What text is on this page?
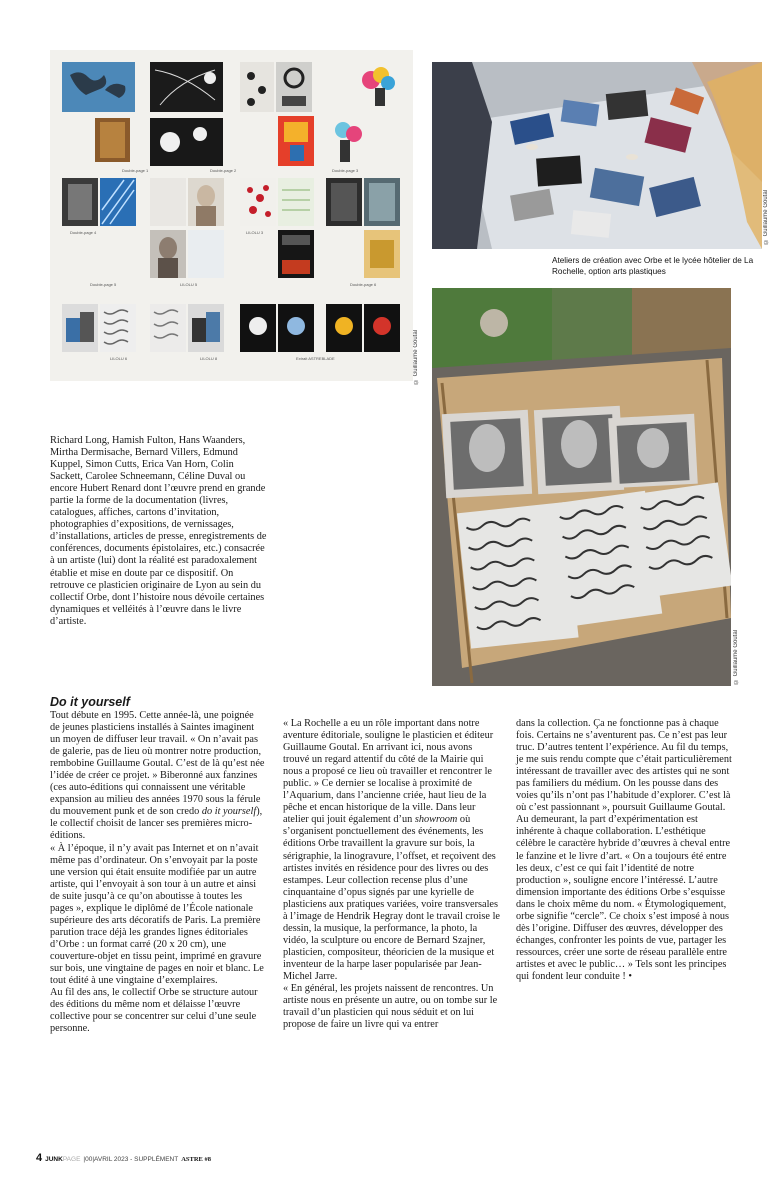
Double-page 1	Double-page 2	Double-page 3
Double-page 4	LILOLU 3
Double-page 5	Double-page 6
LILOLU 5
LILOLU 6	LILOLU 8	Extrait ASTREBLADE	© Guillaume Goutal
© Guillaume Goutal
Ateliers de création avec Orbe et le lycée hôtelier de La Rochelle, option arts plastiques
© Guillaume Goutal

Richard Long, Hamish Fulton, Hans Waanders, Mirtha Dermisache, Bernard Villers, Edmund Kuppel, Simon Cutts, Erica Van Horn, Colin Sackett, Carolee Schneemann, Céline Duval ou encore Hubert Renard dont l’œuvre prend en grande partie la forme de la documentation (livres, catalogues, affiches, cartons d’invitation, photographies d’expositions, de vernissages, d’installations, articles de presse, enregistrements de conférences, documents épistolaires, etc.) consacrée à un artiste (lui) dont la réalité est paradoxalement établie et mise en doute par ce dispositif. On retrouve ce plasticien originaire de Lyon au sein du collectif Orbe, dont l’histoire nous dévoile certaines dynamiques et velléités à l’œuvre dans le livre d’artiste.

Do it yourself

Tout débute en 1995. Cette année-là, une poignée de jeunes plasticiens installés à Saintes imaginent un moyen de diffuser leur travail. « On n’avait pas de galerie, pas de lieu où montrer notre production, rembobine Guillaume Goutal. C’est de là qu’est née l’idée de créer ce projet. » Biberonné aux fanzines (ces auto-éditions qui connaissent une véritable expansion au milieu des années 1970 sous la férule du mouvement punk et de son credo do it yourself), le collectif choisit de lancer ses premières micro-éditions.

« À l’époque, il n’y avait pas Internet et on n’avait même pas d’ordinateur. On s’envoyait par la poste une version qui était ensuite modifiée par un autre artiste, qui l’envoyait à son tour à un autre et ainsi de suite jusqu’à ce qu’on aboutisse à toutes les pages », explique le diplômé de l’École nationale supérieure des arts décoratifs de Paris. La première parution trace déjà les grandes lignes éditoriales d’Orbe : un format carré (20 x 20 cm), une couverture-objet en tissu peint, imprimé en gravure sur bois, une vingtaine de pages en noir et blanc. Le tout édité à une vingtaine d’exemplaires.

Au fil des ans, le collectif Orbe se structure autour des éditions du même nom et délaisse l’œuvre collective pour se concentrer sur celui d’une seule personne.

« La Rochelle a eu un rôle important dans notre aventure éditoriale, souligne le plasticien et éditeur Guillaume Goutal. En arrivant ici, nous avons trouvé un regard attentif du côté de la Mairie qui nous a proposé ce lieu où travailler et rencontrer le public. » Ce dernier se localise à proximité de l’Aquarium, dans l’ancienne criée, haut lieu de la pêche et encan historique de la ville. Dans leur atelier qui jouit également d’un showroom où s’organisent ponctuellement des événements, les éditions Orbe travaillent la gravure sur bois, la sérigraphie, la linogravure, l’offset, et reçoivent des artistes invités en résidence pour des livres ou des estampes. Leur collection recense plus d’une cinquantaine d’opus signés par une kyrielle de plasticiens aux pratiques variées, voire transversales à l’image de Hendrik Hegray dont le travail croise le dessin, la musique, la performance, la photo, la vidéo, la sculpture ou encore de Bernard Szajner, plasticien, compositeur, théoricien de la musique et inventeur de la harpe laser popularisée par Jean-Michel Jarre.

« En général, les projets naissent de rencontres. Un artiste nous en présente un autre, ou on tombe sur le travail d’un plasticien qui nous séduit et on lui propose de faire un livre qui va entrer

dans la collection. Ça ne fonctionne pas à chaque fois. Certains ne s’aventurent pas. Ce n’est pas leur truc. D’autres tentent l’expérience. Au fil du temps, je me suis rendu compte que c’était particulièrement intéressant de travailler avec des artistes qui ne sont pas familiers du médium. On les pousse dans des voies qu’ils n’ont pas l’habitude d’explorer. C’est là où c’est passionnant », poursuit Guillaume Goutal.

Au demeurant, la part d’expérimentation est inhérente à chaque collaboration. L’esthétique célèbre le caractère hybride d’œuvres à cheval entre le fanzine et le livre d’art. « On a toujours été entre les deux, c’est ce qui fait l’identité de notre production », souligne encore l’intéressé. L’autre dimension importante des éditions Orbe s’esquisse dans le choix même du nom. « Étymologiquement, orbe signifie “cercle”. Ce choix s’est imposé à nous dès l’origine. Diffuser des œuvres, développer des échanges, confronter les points de vue, partager les ressources, créer une sorte de réseau parallèle entre artistes et avec le public… » Tels sont les principes qui fondent leur conduite ! •

4 JUNKPAGE |00|AVRIL 2023 - SUPPLÉMENT ASTRE #8
